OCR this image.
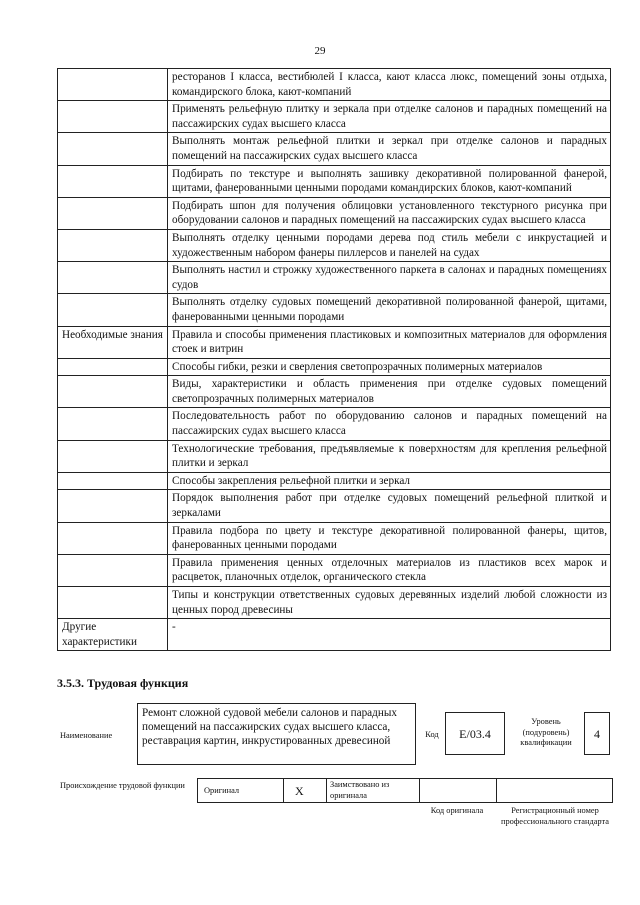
29
	ресторанов I класса, вестибюлей I класса, кают класса люкс, помещений зоны отдыха, командирского блока, кают-компаний
	Применять рельефную плитку и зеркала при отделке салонов и парадных помещений на пассажирских судах высшего класса
	Выполнять монтаж рельефной плитки и зеркал при отделке салонов и парадных помещений на пассажирских судах высшего класса
	Подбирать по текстуре и выполнять зашивку декоративной полированной фанерой, щитами, фанерованными ценными породами командирских блоков, кают-компаний
	Подбирать шпон для получения облицовки установленного текстурного рисунка при оборудовании салонов и парадных помещений на пассажирских судах высшего класса
	Выполнять отделку ценными породами дерева под стиль мебели с инкрустацией и художественным набором фанеры пиллерсов и панелей на судах
	Выполнять настил и строжку художественного паркета в салонах и парадных помещениях судов
	Выполнять отделку судовых помещений декоративной полированной фанерой, щитами, фанерованными ценными породами
Необходимые знания	Правила и способы применения пластиковых и композитных материалов для оформления стоек и витрин
	Способы гибки, резки и сверления светопрозрачных полимерных материалов
	Виды, характеристики и область применения при отделке судовых помещений светопрозрачных полимерных материалов
	Последовательность работ по оборудованию салонов и парадных помещений на пассажирских судах высшего класса
	Технологические требования, предъявляемые к поверхностям для крепления рельефной плитки и зеркал
	Способы закрепления рельефной плитки и зеркал
	Порядок выполнения работ при отделке судовых помещений рельефной плиткой и зеркалами
	Правила подбора по цвету и текстуре декоративной полированной фанеры, щитов, фанерованных ценными породами
	Правила применения ценных отделочных материалов из пластиков всех марок и расцветок, планочных отделок, органического стекла
	Типы и конструкции ответственных судовых деревянных изделий любой сложности из ценных пород древесины
Другие характеристики	-
3.5.3. Трудовая функция
Наименование
Ремонт сложной судовой мебели салонов и парадных помещений на пассажирских судах высшего класса, реставрация картин, инкрустированных древесиной
Код	E/03.4
Уровень (подуровень) квалификации
4
Происхождение трудовой функции
Оригинал	X	Заимствовано из оригинала
Код оригинала	Регистрационный номер профессионального стандарта
